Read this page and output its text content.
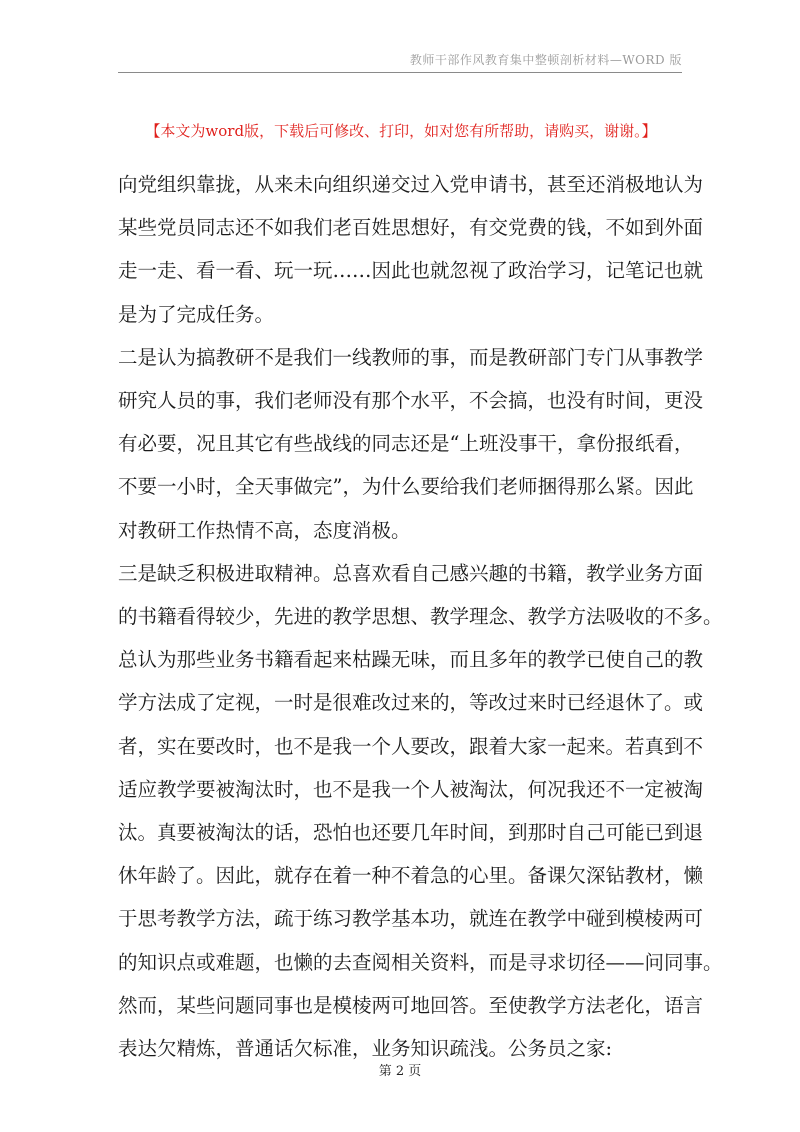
教师干部作风教育集中整顿剖析材料—WORD 版
【本文为word版，下载后可修改、打印，如对您有所帮助，请购买，谢谢。】

向党组织靠拢，从来未向组织递交过入党申请书，甚至还消极地认为
某些党员同志还不如我们老百姓思想好，有交党费的钱，不如到外面
走一走、看一看、玩一玩……因此也就忽视了政治学习，记笔记也就
是为了完成任务。

二是认为搞教研不是我们一线教师的事，而是教研部门专门从事教学
研究人员的事，我们老师没有那个水平，不会搞，也没有时间，更没
有必要，况且其它有些战线的同志还是“上班没事干，拿份报纸看，
不要一小时，全天事做完”，为什么要给我们老师捆得那么紧。因此
对教研工作热情不高，态度消极。

三是缺乏积极进取精神。总喜欢看自己感兴趣的书籍，教学业务方面
的书籍看得较少，先进的教学思想、教学理念、教学方法吸收的不多。
总认为那些业务书籍看起来枯躁无味，而且多年的教学已使自己的教
学方法成了定视，一时是很难改过来的，等改过来时已经退休了。或
者，实在要改时，也不是我一个人要改，跟着大家一起来。若真到不
适应教学要被淘汰时，也不是我一个人被淘汰，何况我还不一定被淘
汰。真要被淘汰的话，恐怕也还要几年时间，到那时自己可能已到退
休年龄了。因此，就存在着一种不着急的心里。备课欠深钻教材，懒
于思考教学方法，疏于练习教学基本功，就连在教学中碰到模棱两可
的知识点或难题，也懒的去查阅相关资料，而是寻求切径——问同事。
然而，某些问题同事也是模棱两可地回答。至使教学方法老化，语言
表达欠精炼，普通话欠标准，业务知识疏浅。公务员之家:

第 2 页
